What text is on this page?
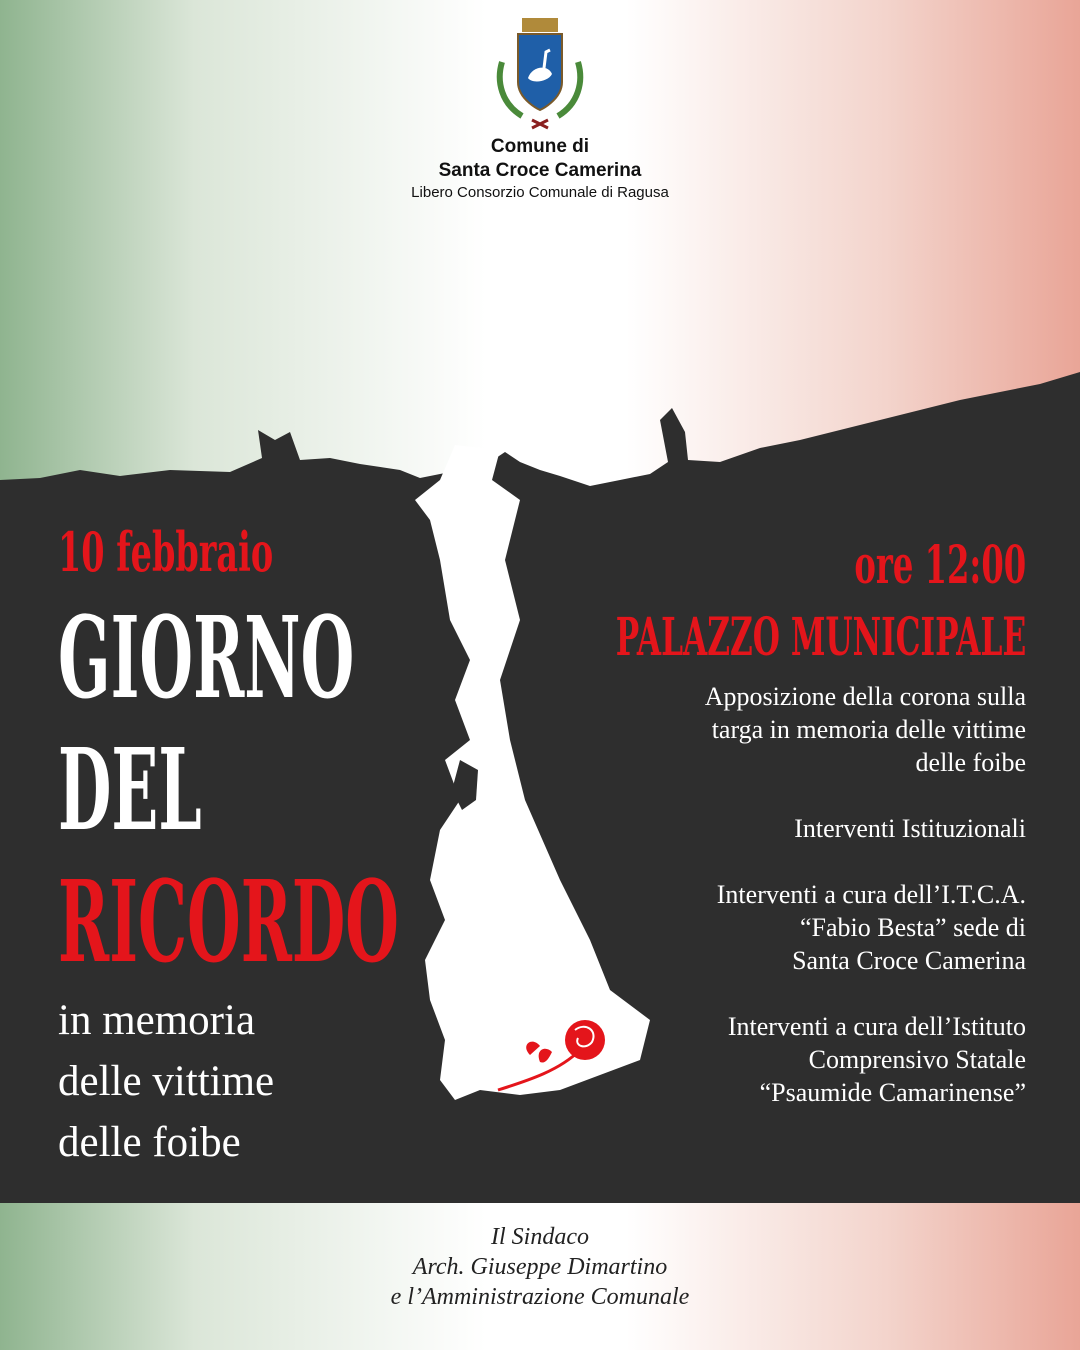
Comune di
Santa Croce Camerina
Libero Consorzio Comunale di Ragusa
10 febbraio
GIORNO
DEL
RICORDO
in memoria
delle vittime
delle foibe
ore 12:00
PALAZZO MUNICIPALE

Apposizione della corona sulla
targa in memoria delle vittime
delle foibe

Interventi Istituzionali

Interventi a cura dell’I.T.C.A.
“Fabio Besta” sede di
Santa Croce Camerina

Interventi a cura dell’Istituto
Comprensivo Statale
“Psaumide Camarinense”

Il Sindaco
Arch. Giuseppe Dimartino
e l’Amministrazione Comunale
